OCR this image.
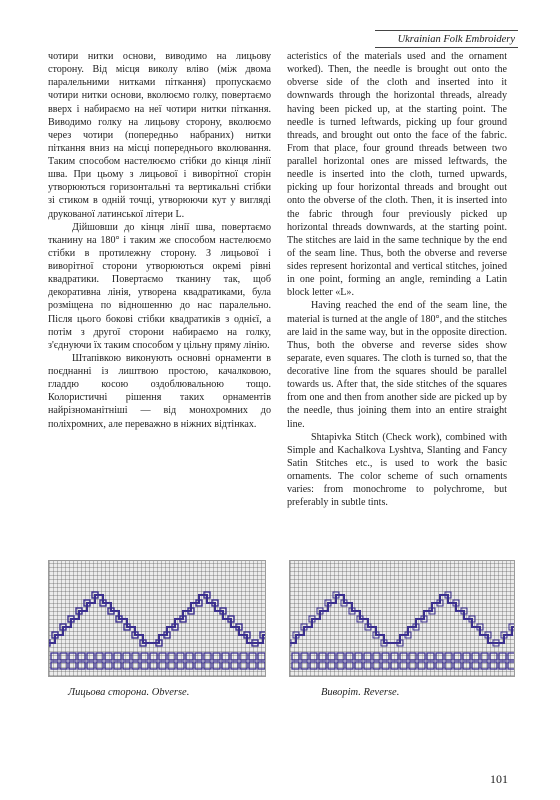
Ukrainian Folk Embroidery

чотири нитки основи, виводимо на лицьову сторону. Від місця виколу вліво (між двома паралельними нитками піткання) пропускаємо чотири нитки основи, вколюємо голку, повертаємо вверх і набираємо на неї чотири нитки піткання. Виводимо голку на лицьову сторону, вколюємо через чотири (попередньо набраних) нитки піткання вниз на місці попереднього вколювання. Таким способом настелюємо стібки до кінця лінії шва. При цьому з лицьової і виворітної сторін утворюються горизонтальні та вертикальні стібки зі стиком в одній точці, утворюючи кут у вигляді друкованої латинської літери L.

Дійшовши до кінця лінії шва, повертаємо тканину на 180° і таким же способом настелюємо стібки в протилежну сторону. З лицьової і виворітної сторони утворюються окремі рівні квадратики. Повертаємо тканину так, щоб декоративна лінія, утворена квадратиками, була розміщена по відношенню до нас паралельно. Після цього бокові стібки квадратиків з однієї, а потім з другої сторони набираємо на голку, з'єднуючи їх таким способом у цільну пряму лінію.

Штапівкою виконують основні орнаменти в поєднанні із лиштвою простою, качалковою, гладдю косою оздоблювальною тощо. Колористичні рішення таких орнаментів найрізноманітніші — від монохромних до поліхромних, але переважно в ніжних відтінках.

acteristics of the materials used and the ornament worked). Then, the needle is brought out onto the obverse side of the cloth and inserted into it downwards through the horizontal threads, already having been picked up, at the starting point. The needle is turned leftwards, picking up four ground threads, and brought out onto the face of the fabric. From that place, four ground threads between two parallel horizontal ones are missed leftwards, the needle is inserted into the cloth, turned upwards, picking up four horizontal threads and brought out onto the obverse of the cloth. Then, it is inserted into the fabric through four previously picked up horizontal threads downwards, at the starting point. The stitches are laid in the same technique by the end of the seam line. Thus, both the obverse and reverse sides represent horizontal and vertical stitches, joined in one point, forming an angle, reminding a Latin block letter «L».

Having reached the end of the seam line, the material is turned at the angle of 180°, and the stitches are laid in the same way, but in the opposite direction. Thus, both the obverse and reverse sides show separate, even squares. The cloth is turned so, that the decorative line from the squares should be parallel towards us. After that, the side stitches of the squares from one and then from another side are picked up by the needle, thus joining them into an entire straight line.

Shtapivka Stitch (Check work), combined with Simple and Kachalkova Lyshtva, Slanting and Fancy Satin Stitches etc., is used to work the basic ornaments. The color scheme of such ornaments varies: from monochrome to polychrome, but preferably in subtle tints.

Лицьова сторона. Obverse.	Виворіт. Reverse.
101
